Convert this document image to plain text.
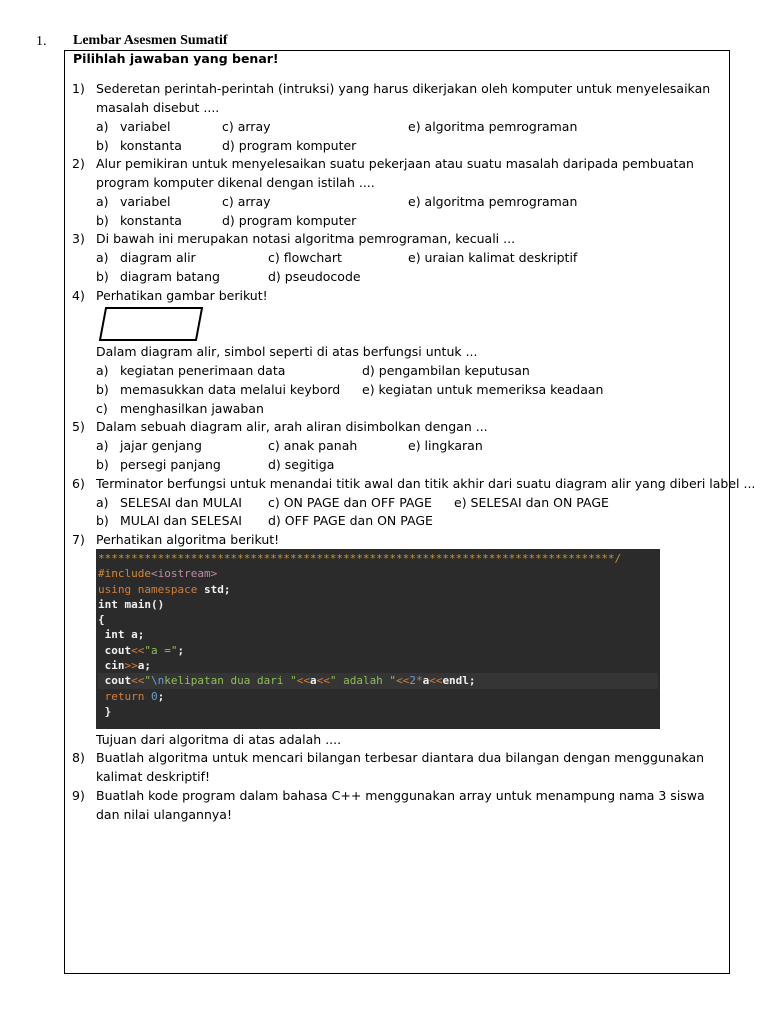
1. Lembar Asesmen Sumatif
Pilihlah jawaban yang benar!
1) Sederetan perintah-perintah (intruksi) yang harus dikerjakan oleh komputer untuk menyelesaikan masalah disebut ....
a) variabel	c) array	e) algoritma pemrograman
b) konstanta	d) program komputer
2) Alur pemikiran untuk menyelesaikan suatu pekerjaan atau suatu masalah daripada pembuatan program komputer dikenal dengan istilah ....
a) variabel	c) array	e) algoritma pemrograman
b) konstanta	d) program komputer
3) Di bawah ini merupakan notasi algoritma pemrograman, kecuali ...
a) diagram alir	c) flowchart	e) uraian kalimat deskriptif
b) diagram batang	d) pseudocode
4) Perhatikan gambar berikut!
Dalam diagram alir, simbol seperti di atas berfungsi untuk ...
a) kegiatan penerimaan data	d) pengambilan keputusan
b) memasukkan data melalui keybord e) kegiatan untuk memeriksa keadaan
c) menghasilkan jawaban
5) Dalam sebuah diagram alir, arah aliran disimbolkan dengan ...
a) jajar genjang	c) anak panah	e) lingkaran
b) persegi panjang	d) segitiga
6) Terminator berfungsi untuk menandai titik awal dan titik akhir dari suatu diagram alir yang diberi label ...
a) SELESAI dan MULAI c) ON PAGE dan OFF PAGE e) SELESAI dan ON PAGE
b) MULAI dan SELESAI d) OFF PAGE dan ON PAGE
7) Perhatikan algoritma berikut!
******************************************************************************/
#include<iostream>
using namespace std;
int main()
{
int a;
cout<<"a =";
cin>>a;
cout<<"\nkelipatan dua dari "<<a<<" adalah "<<2*a<<endl;
return 0;
}
Tujuan dari algoritma di atas adalah ....
8) Buatlah algoritma untuk mencari bilangan terbesar diantara dua bilangan dengan menggunakan kalimat deskriptif!
9) Buatlah kode program dalam bahasa C++ menggunakan array untuk menampung nama 3 siswa dan nilai ulangannya!
